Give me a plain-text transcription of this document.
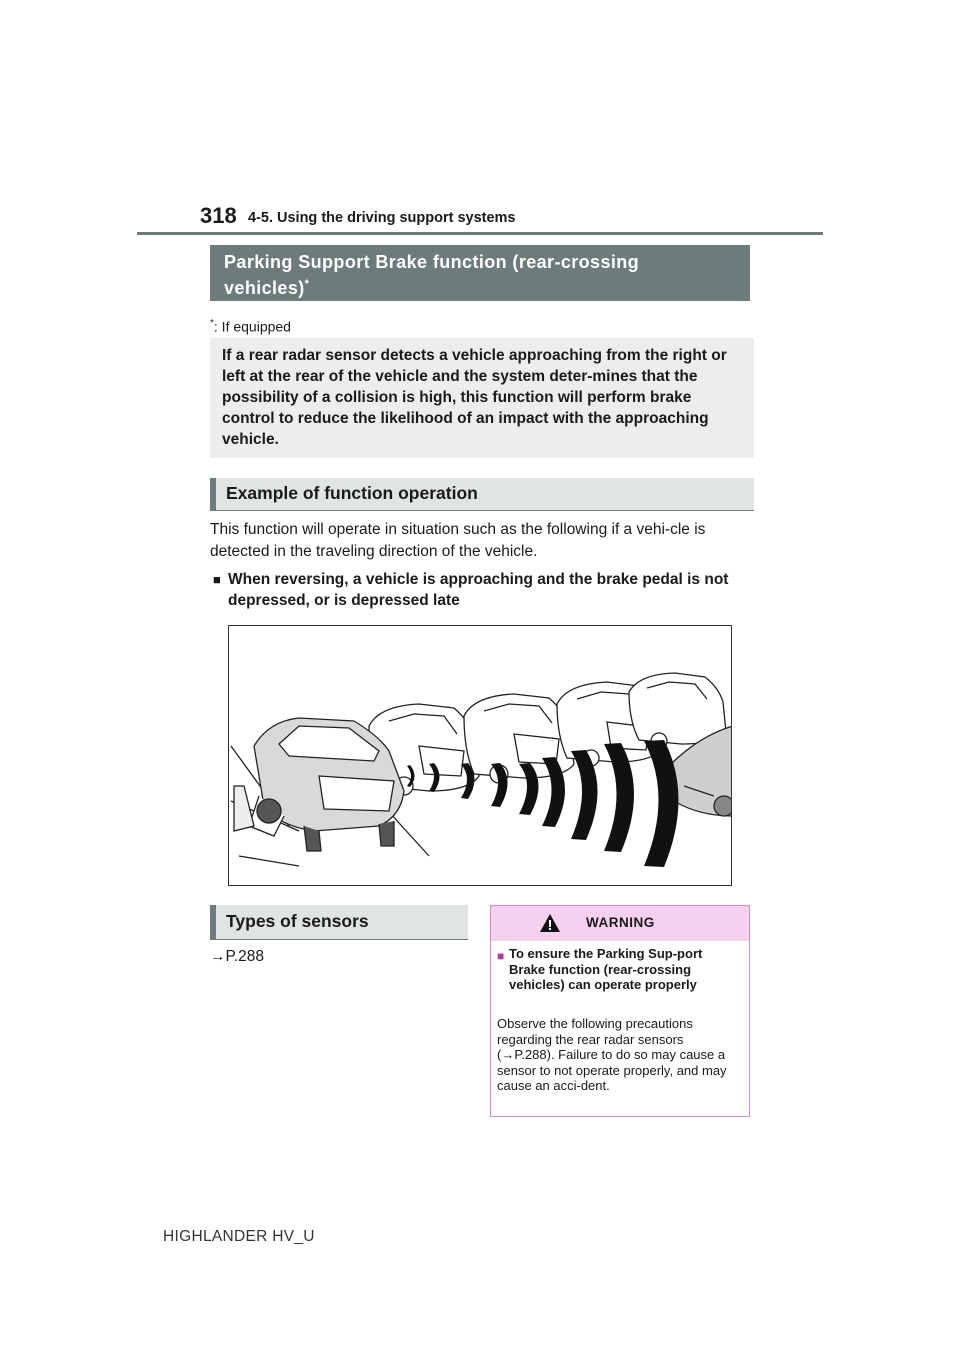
318 4-5. Using the driving support systems
Parking Support Brake function (rear-crossing
vehicles)*
*: If equipped
If a rear radar sensor detects a vehicle approaching from the right or left at the rear of the vehicle and the system deter-mines that the possibility of a collision is high, this function will perform brake control to reduce the likelihood of an impact with the approaching vehicle.
Example of function operation
This function will operate in situation such as the following if a vehi-cle is detected in the traveling direction of the vehicle.
■ When reversing, a vehicle is approaching and the brake pedal is not depressed, or is depressed late
Types of sensors
→P.288
WARNING
■ To ensure the Parking Sup-port Brake function (rear-crossing vehicles) can operate properly
Observe the following precautions regarding the rear radar sensors (→P.288). Failure to do so may cause a sensor to not operate properly, and may cause an acci-dent.
HIGHLANDER HV_U
